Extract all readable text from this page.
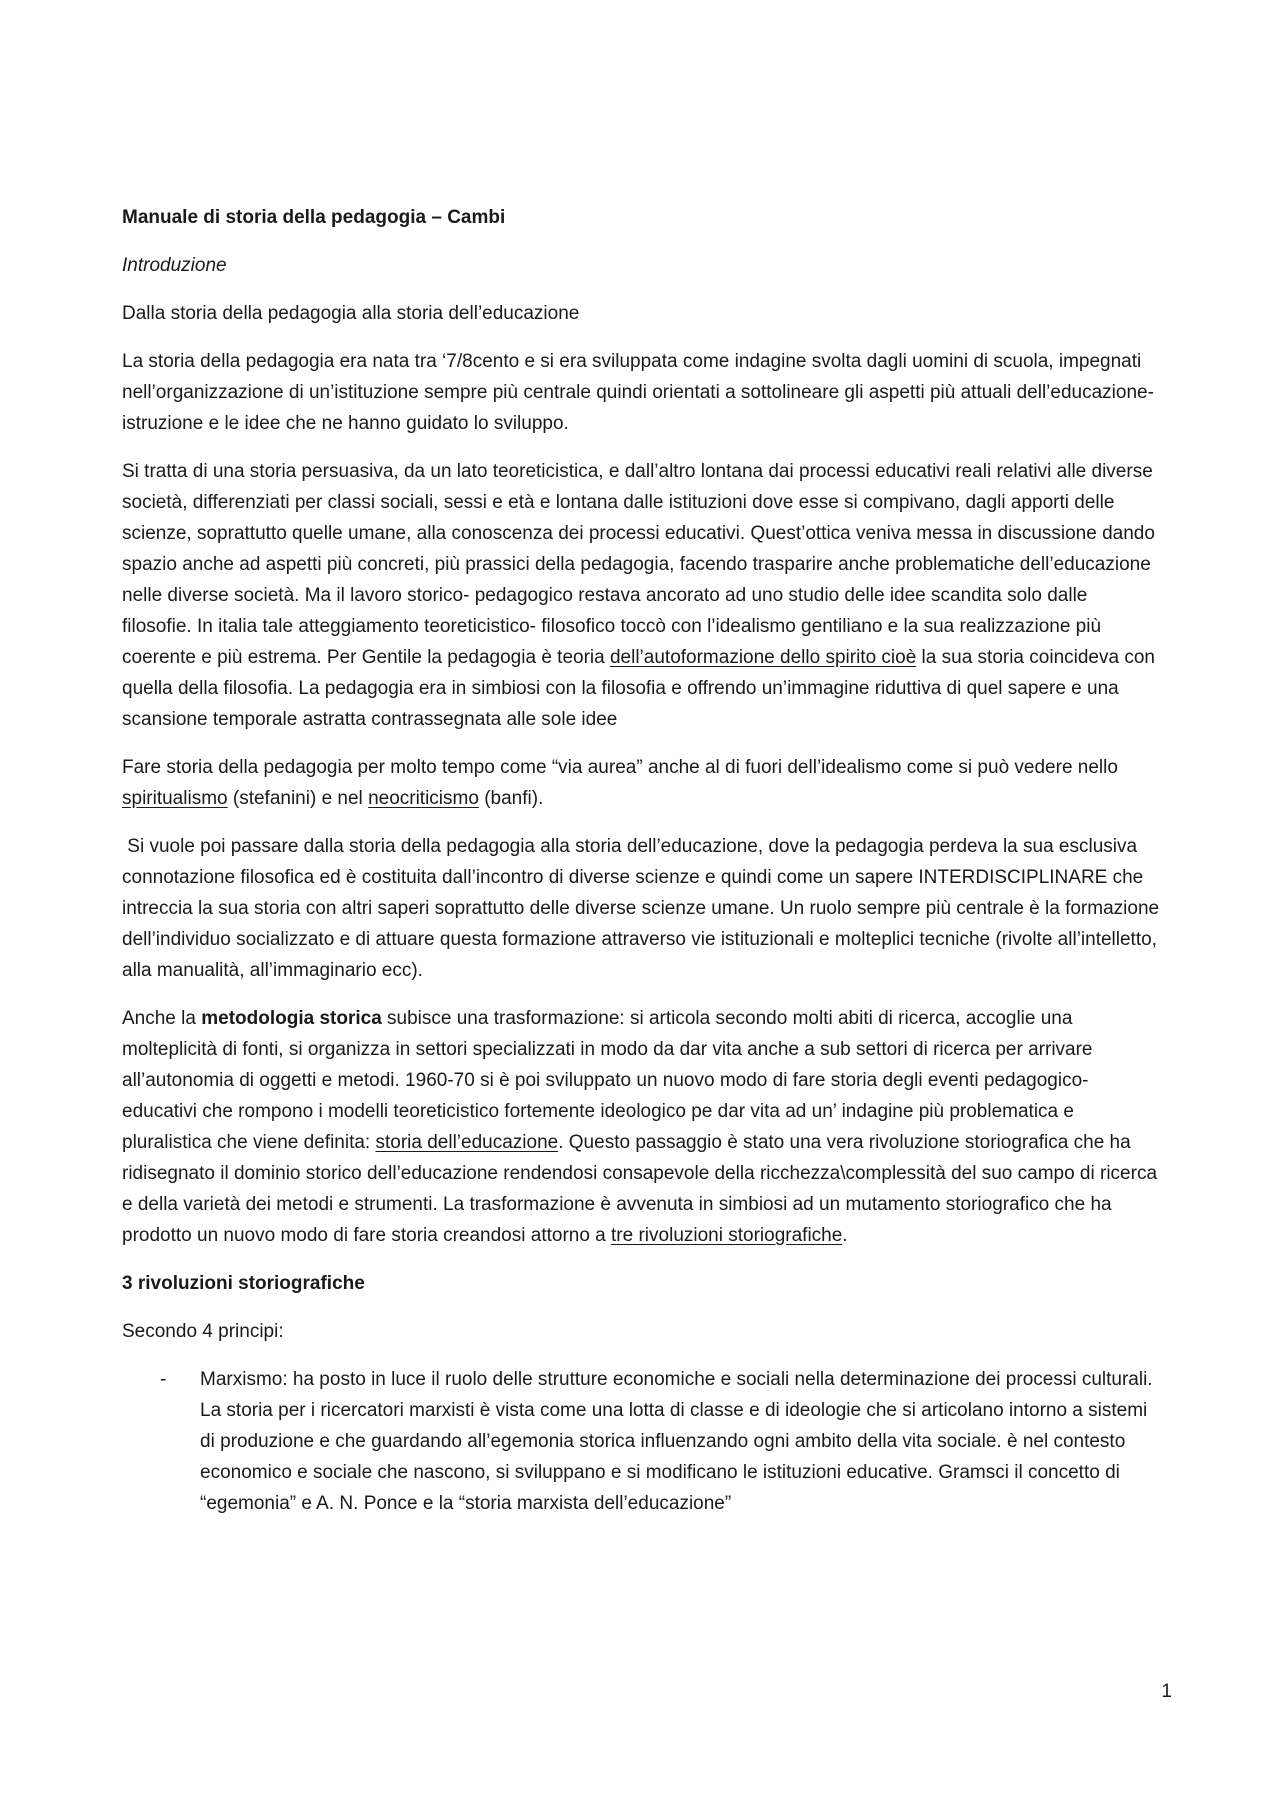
Manuale di storia della pedagogia – Cambi

Introduzione

Dalla storia della pedagogia alla storia dell’educazione

La storia della pedagogia era nata tra ‘7/8cento e si era sviluppata come indagine svolta dagli uomini di scuola, impegnati nell’organizzazione di un’istituzione sempre più centrale quindi orientati a sottolineare gli aspetti più attuali dell’educazione-istruzione e le idee che ne hanno guidato lo sviluppo.

Si tratta di una storia persuasiva, da un lato teoreticistica, e dall’altro lontana dai processi educativi reali relativi alle diverse società, differenziati per classi sociali, sessi e età e lontana dalle istituzioni dove esse si compivano, dagli apporti delle scienze, soprattutto quelle umane, alla conoscenza dei processi educativi. Quest’ottica veniva messa in discussione dando spazio anche ad aspetti più concreti, più prassici della pedagogia, facendo trasparire anche problematiche dell’educazione nelle diverse società. Ma il lavoro storico- pedagogico restava ancorato ad uno studio delle idee scandita solo dalle filosofie. In italia tale atteggiamento teoreticistico- filosofico toccò con l’idealismo gentiliano e la sua realizzazione più coerente e più estrema. Per Gentile la pedagogia è teoria dell’autoformazione dello spirito cioè la sua storia coincideva con quella della filosofia. La pedagogia era in simbiosi con la filosofia e offrendo un’immagine riduttiva di quel sapere e una scansione temporale astratta contrassegnata alle sole idee

Fare storia della pedagogia per molto tempo come “via aurea” anche al di fuori dell’idealismo come si può vedere nello spiritualismo (stefanini) e nel neocriticismo (banfi).

Si vuole poi passare dalla storia della pedagogia alla storia dell’educazione, dove la pedagogia perdeva la sua esclusiva connotazione filosofica ed è costituita dall’incontro di diverse scienze e quindi come un sapere INTERDISCIPLINARE che intreccia la sua storia con altri saperi soprattutto delle diverse scienze umane. Un ruolo sempre più centrale è la formazione dell’individuo socializzato e di attuare questa formazione attraverso vie istituzionali e molteplici tecniche (rivolte all’intelletto, alla manualità, all’immaginario ecc).

Anche la metodologia storica subisce una trasformazione: si articola secondo molti abiti di ricerca, accoglie una molteplicità di fonti, si organizza in settori specializzati in modo da dar vita anche a sub settori di ricerca per arrivare all’autonomia di oggetti e metodi. 1960-70 si è poi sviluppato un nuovo modo di fare storia degli eventi pedagogico-educativi che rompono i modelli teoreticistico fortemente ideologico pe dar vita ad un’ indagine più problematica e pluralistica che viene definita: storia dell’educazione. Questo passaggio è stato una vera rivoluzione storiografica che ha ridisegnato il dominio storico dell’educazione rendendosi consapevole della ricchezza\complessità del suo campo di ricerca e della varietà dei metodi e strumenti. La trasformazione è avvenuta in simbiosi ad un mutamento storiografico che ha prodotto un nuovo modo di fare storia creandosi attorno a tre rivoluzioni storiografiche.

3 rivoluzioni storiografiche

Secondo 4 principi:

- Marxismo: ha posto in luce il ruolo delle strutture economiche e sociali nella determinazione dei processi culturali. La storia per i ricercatori marxisti è vista come una lotta di classe e di ideologie che si articolano intorno a sistemi di produzione e che guardando all’egemonia storica influenzando ogni ambito della vita sociale. è nel contesto economico e sociale che nascono, si sviluppano e si modificano le istituzioni educative. Gramsci il concetto di “egemonia” e A. N. Ponce e la “storia marxista dell’educazione”
1
